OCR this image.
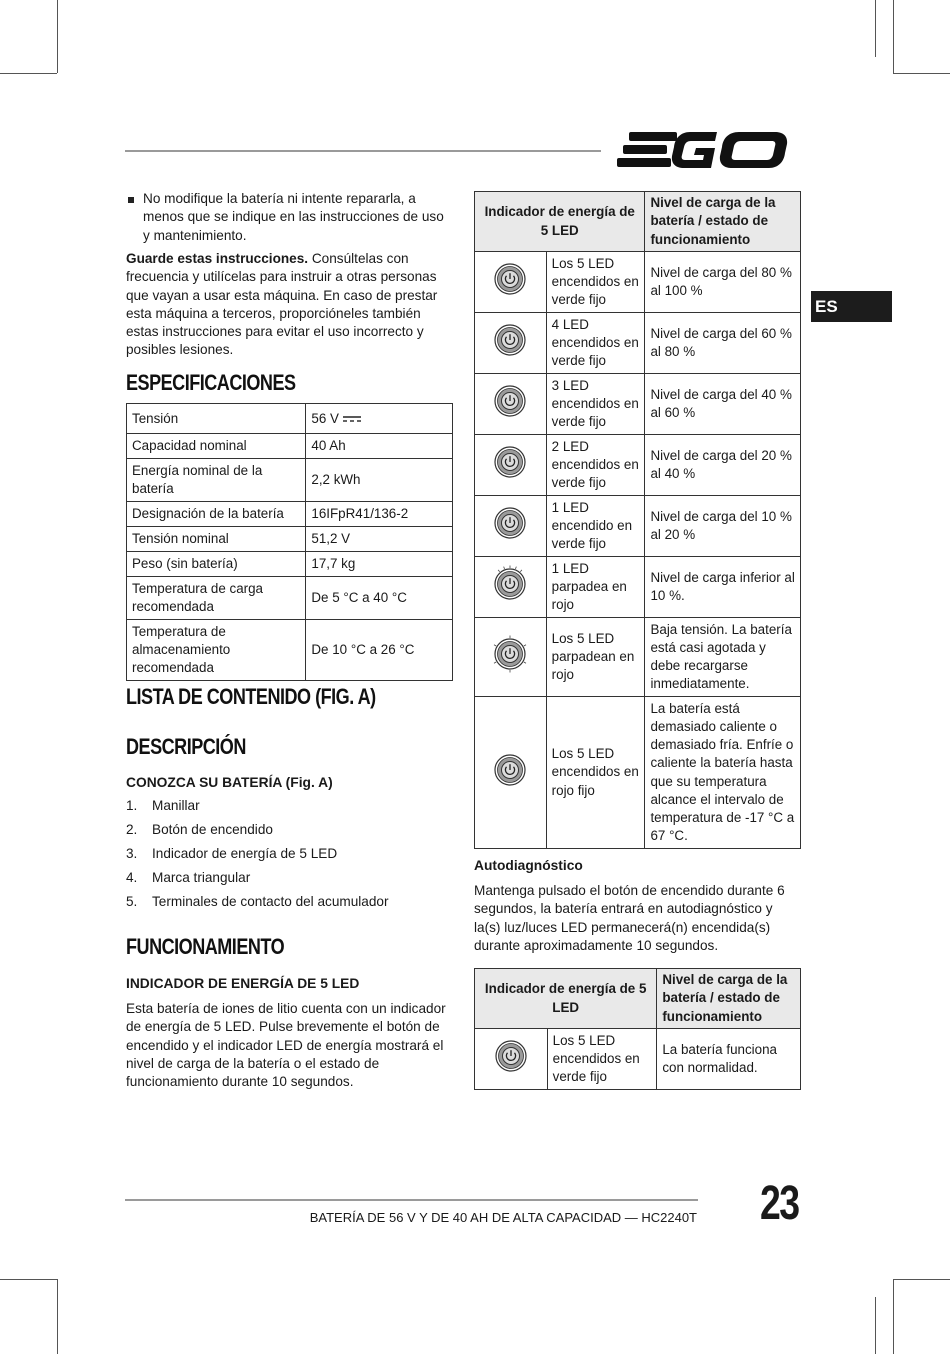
ES
No modifique la batería ni intente repararla, a menos que se indique en las instrucciones de uso y mantenimiento.
Guarde estas instrucciones. Consúltelas con frecuencia y utilícelas para instruir a otras personas que vayan a usar esta máquina. En caso de prestar esta máquina a terceros, proporcióneles también estas instrucciones para evitar el uso incorrecto y posibles lesiones.
ESPECIFICACIONES
Tensión	56 V
Capacidad nominal	40 Ah
Energía nominal de la batería	2,2 kWh
Designación de la batería	16IFpR41/136-2
Tensión nominal	51,2 V
Peso (sin batería)	17,7 kg
Temperatura de carga recomendada	De 5 °C a 40 °C
Temperatura de almacenamiento recomendada	De 10 °C a 26 °C
LISTA DE CONTENIDO (FIG. A)
DESCRIPCIÓN
CONOZCA SU BATERÍA (Fig. A)
1.	Manillar
2.	Botón de encendido
3.	Indicador de energía de 5 LED
4.	Marca triangular
5.	Terminales de contacto del acumulador
FUNCIONAMIENTO
INDICADOR DE ENERGÍA DE 5 LED
Esta batería de iones de litio cuenta con un indicador de energía de 5 LED. Pulse brevemente el botón de encendido y el indicador LED de energía mostrará el nivel de carga de la batería o el estado de funcionamiento durante 10 segundos.
Indicador de energía de 5 LED		Nivel de carga de la batería / estado de funcionamiento
	Los 5 LED encendidos en verde fijo	Nivel de carga del 80 % al 100 %
	4 LED encendidos en verde fijo	Nivel de carga del 60 % al 80 %
	3 LED encendidos en verde fijo	Nivel de carga del 40 % al 60 %
	2 LED encendidos en verde fijo	Nivel de carga del 20 % al 40 %
	1 LED encendido en verde fijo	Nivel de carga del 10 % al 20 %
	1 LED parpadea en rojo	Nivel de carga inferior al 10 %.
	Los 5 LED parpadean en rojo	Baja tensión. La batería está casi agotada y debe recargarse inmediatamente.
	Los 5 LED encendidos en rojo fijo	La batería está demasiado caliente o demasiado fría. Enfríe o caliente la batería hasta que su temperatura alcance el intervalo de temperatura de -17 °C a 67 °C.
Autodiagnóstico
Mantenga pulsado el botón de encendido durante 6 segundos, la batería entrará en autodiagnóstico y la(s) luz/luces LED permanecerá(n) encendida(s) durante aproximadamente 10 segundos.
Indicador de energía de 5 LED		Nivel de carga de la batería / estado de funcionamiento
	Los 5 LED encendidos en verde fijo	La batería funciona con normalidad.
BATERÍA DE 56 V Y DE 40 AH DE ALTA CAPACIDAD — HC2240T 23
